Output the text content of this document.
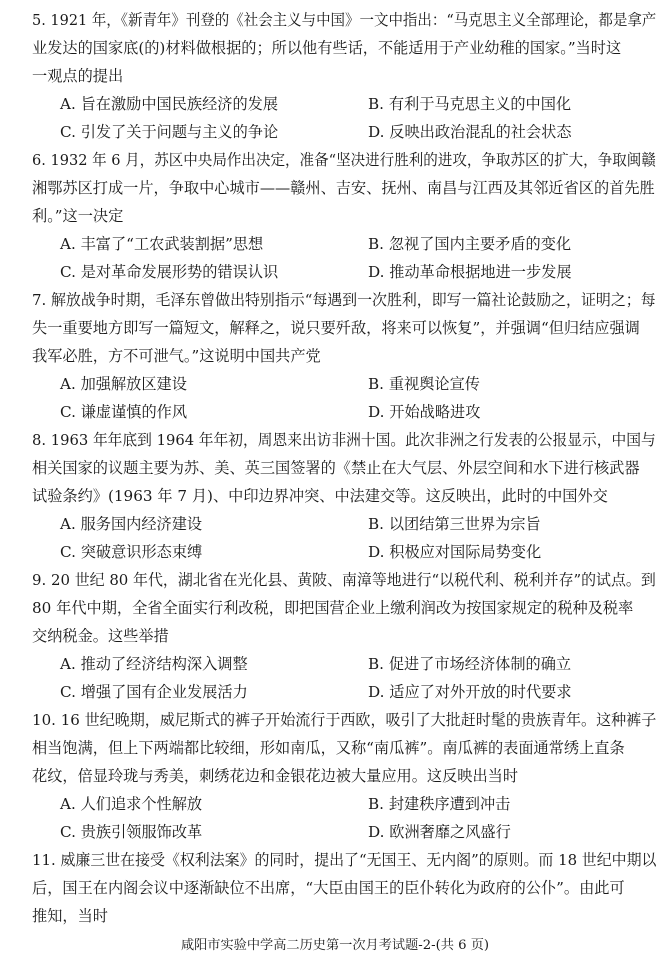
5. 1921 年，《新青年》刊登的《社会主义与中国》一文中指出：“马克思主义全部理论，都是拿产
业发达的国家底(的)材料做根据的；所以他有些话，不能适用于产业幼稚的国家。”当时这
一观点的提出
A. 旨在激励中国民族经济的发展	B. 有利于马克思主义的中国化
C. 引发了关于问题与主义的争论	D. 反映出政治混乱的社会状态
6. 1932 年 6 月，苏区中央局作出决定，准备“坚决进行胜利的进攻，争取苏区的扩大，争取闽赣
湘鄂苏区打成一片，争取中心城市——赣州、吉安、抚州、南昌与江西及其邻近省区的首先胜
利。”这一决定
A. 丰富了“工农武装割据”思想	B. 忽视了国内主要矛盾的变化
C. 是对革命发展形势的错误认识	D. 推动革命根据地进一步发展
7. 解放战争时期，毛泽东曾做出特别指示“每遇到一次胜利，即写一篇社论鼓励之，证明之；每
失一重要地方即写一篇短文，解释之，说只要歼敌，将来可以恢复”，并强调“但归结应强调
我军必胜，方不可泄气。”这说明中国共产党
A. 加强解放区建设	B. 重视舆论宣传
C. 谦虚谨慎的作风	D. 开始战略进攻
8. 1963 年年底到 1964 年年初，周恩来出访非洲十国。此次非洲之行发表的公报显示，中国与
相关国家的议题主要为苏、美、英三国签署的《禁止在大气层、外层空间和水下进行核武器
试验条约》(1963 年 7 月)、中印边界冲突、中法建交等。这反映出，此时的中国外交
A. 服务国内经济建设	B. 以团结第三世界为宗旨
C. 突破意识形态束缚	D. 积极应对国际局势变化
9. 20 世纪 80 年代，湖北省在光化县、黄陂、南漳等地进行“以税代利、税利并存”的试点。到
80 年代中期，全省全面实行利改税，即把国营企业上缴利润改为按国家规定的税种及税率
交纳税金。这些举措
A. 推动了经济结构深入调整	B. 促进了市场经济体制的确立
C. 增强了国有企业发展活力	D. 适应了对外开放的时代要求
10. 16 世纪晚期，威尼斯式的裤子开始流行于西欧，吸引了大批赶时髦的贵族青年。这种裤子
相当饱满，但上下两端都比较细，形如南瓜，又称“南瓜裤”。南瓜裤的表面通常绣上直条
花纹，倍显玲珑与秀美，刺绣花边和金银花边被大量应用。这反映出当时
A. 人们追求个性解放	B. 封建秩序遭到冲击
C. 贵族引领服饰改革	D. 欧洲奢靡之风盛行
11. 威廉三世在接受《权利法案》的同时，提出了“无国王、无内阁”的原则。而 18 世纪中期以
后，国王在内阁会议中逐渐缺位不出席，“大臣由国王的臣仆转化为政府的公仆”。由此可
推知，当时
咸阳市实验中学高二历史第一次月考试题-2-(共 6 页)
